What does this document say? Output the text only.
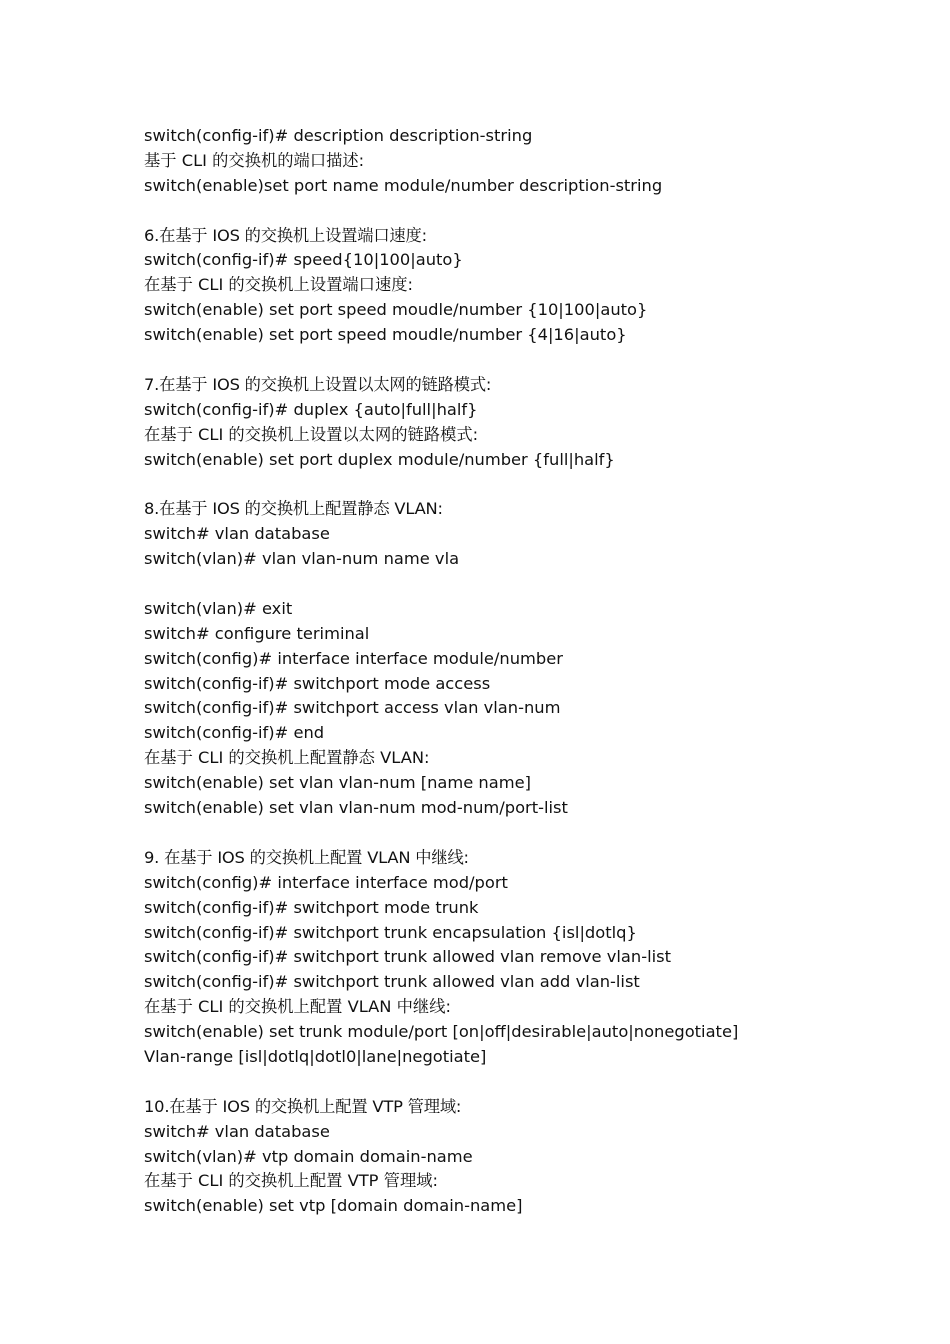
switch(config-if)# description description-string
基于 CLI 的交换机的端口描述:
switch(enable)set port name module/number description-string
6.在基于 IOS 的交换机上设置端口速度:
switch(config-if)# speed{10|100|auto}
在基于 CLI 的交换机上设置端口速度:
switch(enable) set port speed moudle/number {10|100|auto}
switch(enable) set port speed moudle/number {4|16|auto}
7.在基于 IOS 的交换机上设置以太网的链路模式:
switch(config-if)# duplex {auto|full|half}
在基于 CLI 的交换机上设置以太网的链路模式:
switch(enable) set port duplex module/number {full|half}
8.在基于 IOS 的交换机上配置静态 VLAN:
switch# vlan database
switch(vlan)# vlan vlan-num name vla
switch(vlan)# exit
switch# configure teriminal
switch(config)# interface interface module/number
switch(config-if)# switchport mode access
switch(config-if)# switchport access vlan vlan-num
switch(config-if)# end
在基于 CLI 的交换机上配置静态 VLAN:
switch(enable) set vlan vlan-num [name name]
switch(enable) set vlan vlan-num mod-num/port-list
9. 在基于 IOS 的交换机上配置 VLAN 中继线:
switch(config)# interface interface mod/port
switch(config-if)# switchport mode trunk
switch(config-if)# switchport trunk encapsulation {isl|dotlq}
switch(config-if)# switchport trunk allowed vlan remove vlan-list
switch(config-if)# switchport trunk allowed vlan add vlan-list
在基于 CLI 的交换机上配置 VLAN 中继线:
switch(enable) set trunk module/port [on|off|desirable|auto|nonegotiate]
Vlan-range [isl|dotlq|dotl0|lane|negotiate]
10.在基于 IOS 的交换机上配置 VTP 管理域:
switch# vlan database
switch(vlan)# vtp domain domain-name
在基于 CLI 的交换机上配置 VTP 管理域:
switch(enable) set vtp [domain domain-name]
